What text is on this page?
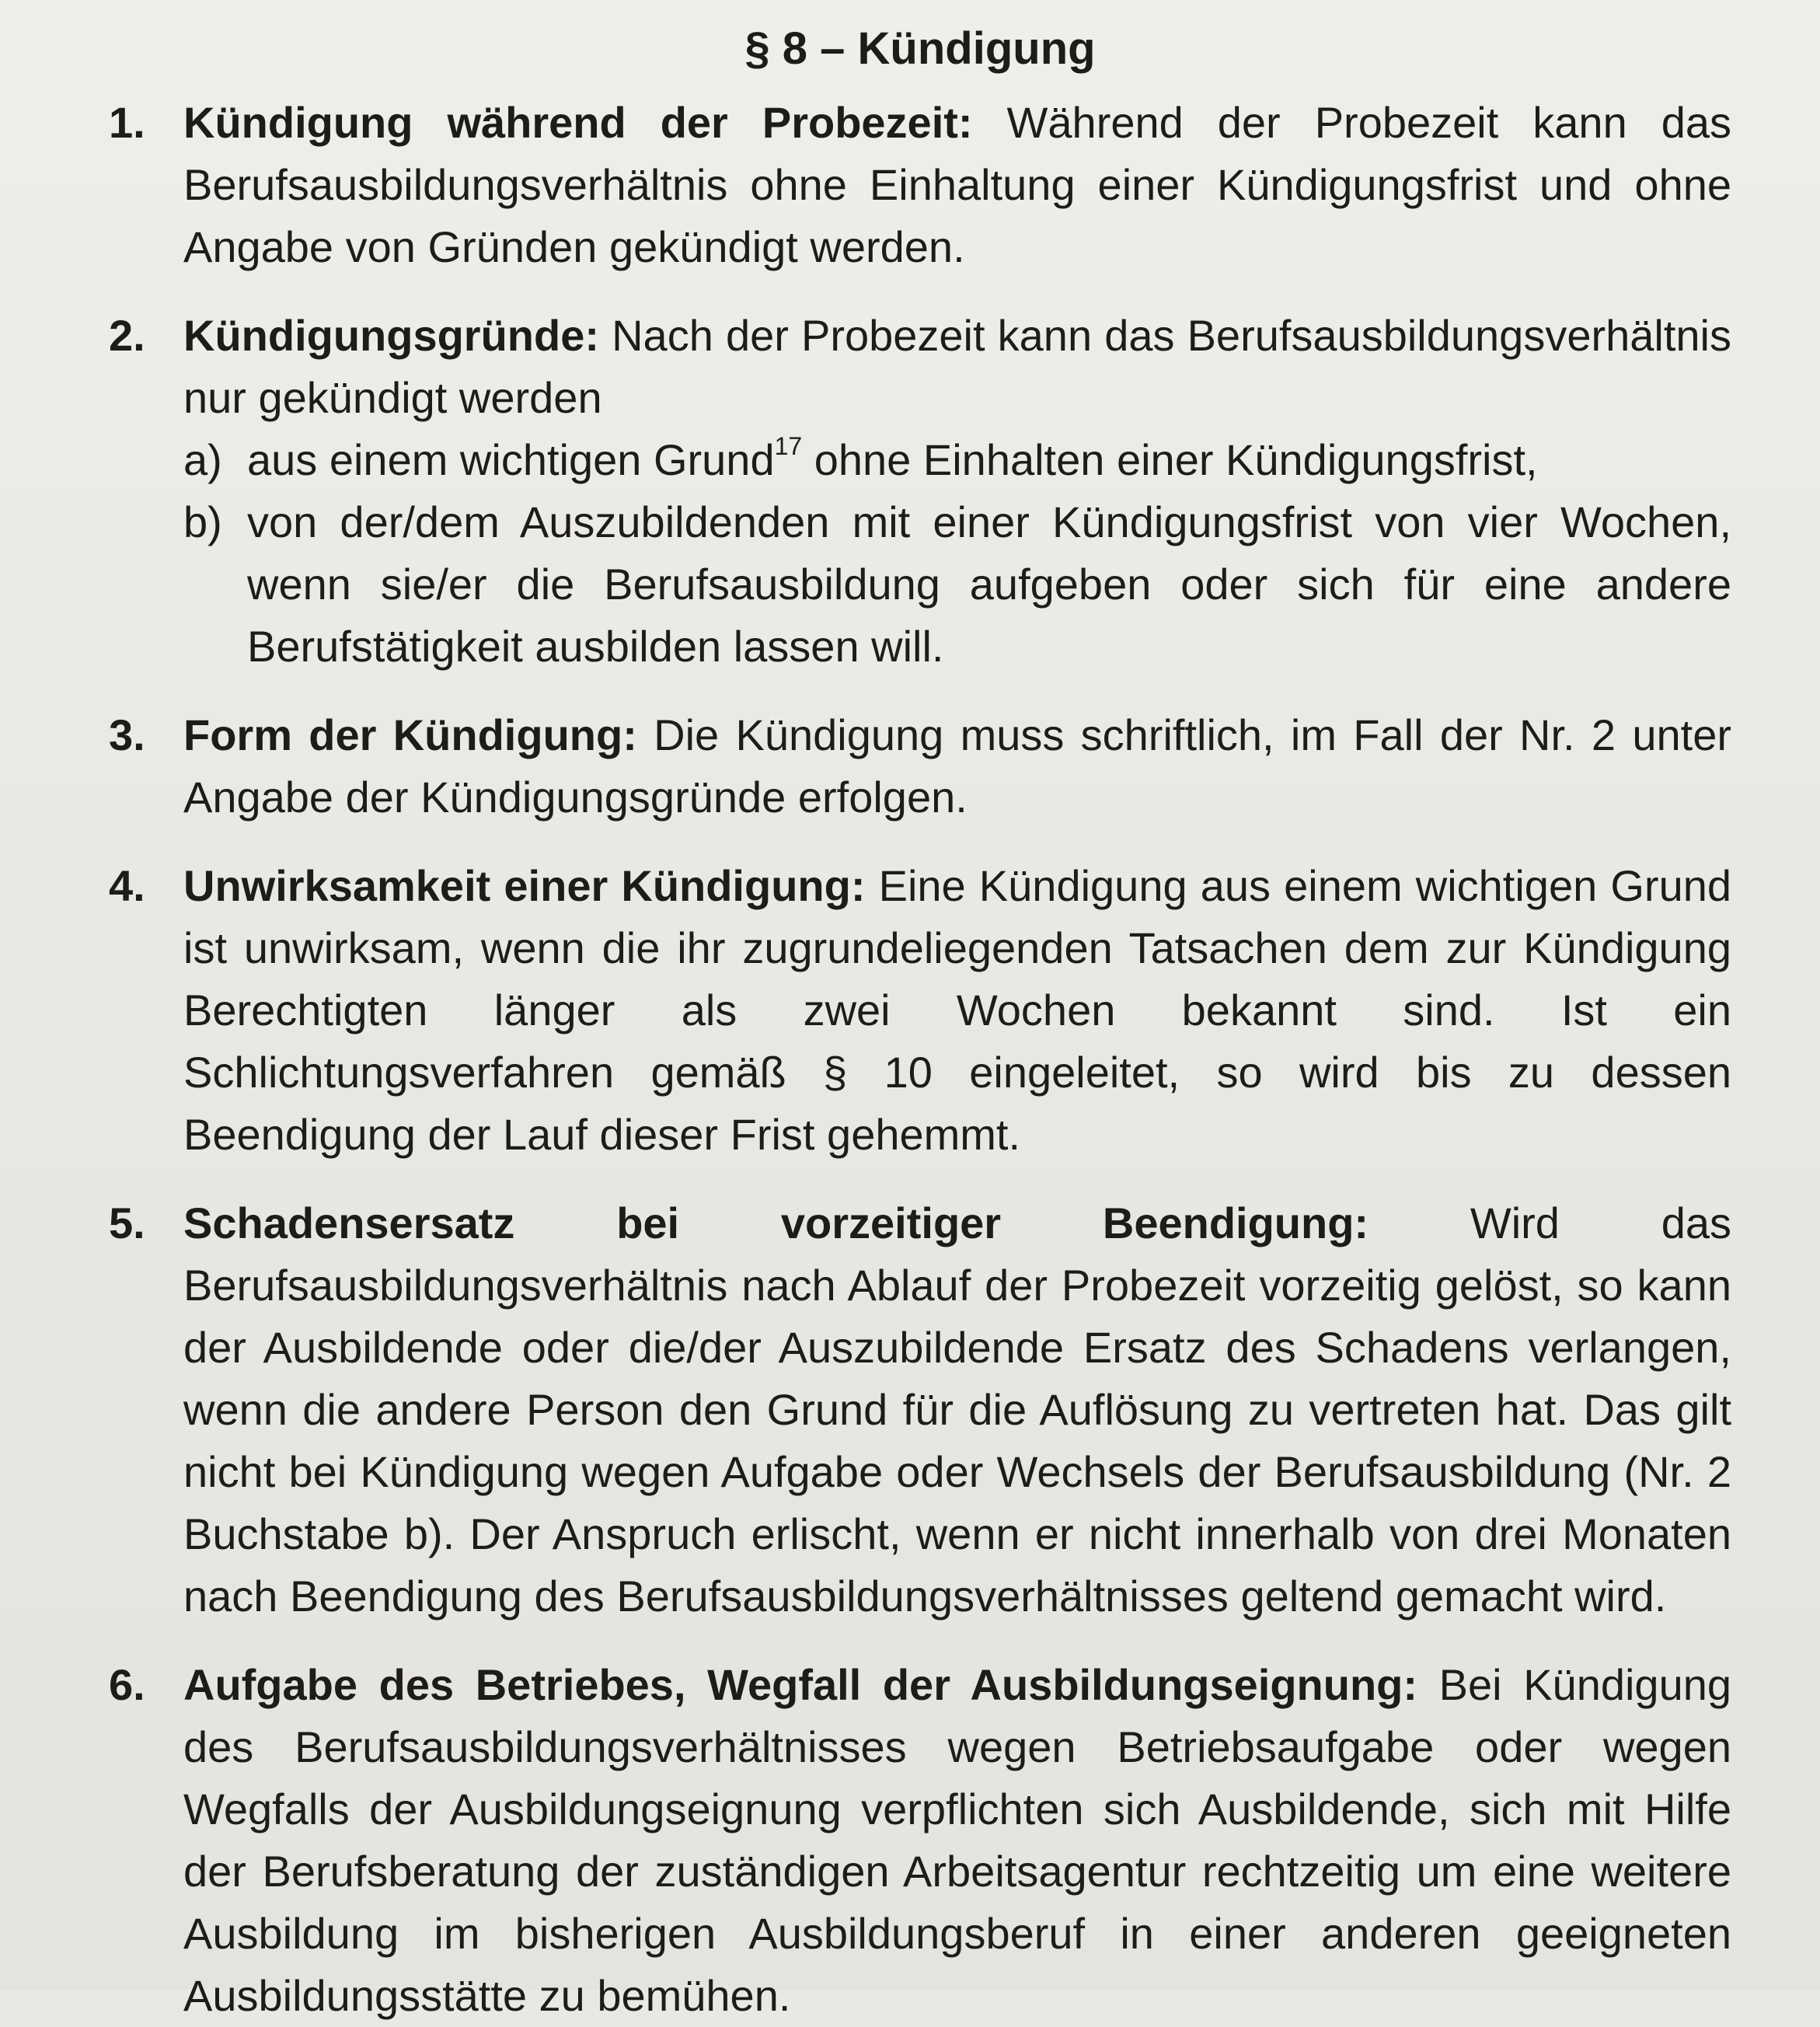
§ 8 – Kündigung
1. Kündigung während der Probezeit: Während der Probezeit kann das Berufsausbildungsverhältnis ohne Einhaltung einer Kündigungsfrist und ohne Angabe von Gründen gekündigt werden.
2. Kündigungsgründe: Nach der Probezeit kann das Berufsausbildungsverhältnis nur gekündigt werden
a) aus einem wichtigen Grund$^{17}$ ohne Einhalten einer Kündigungsfrist,
b) von der/dem Auszubildenden mit einer Kündigungsfrist von vier Wochen, wenn sie/er die Berufsausbildung aufgeben oder sich für eine andere Berufstätigkeit ausbilden lassen will.
3. Form der Kündigung: Die Kündigung muss schriftlich, im Fall der Nr. 2 unter Angabe der Kündigungsgründe erfolgen.
4. Unwirksamkeit einer Kündigung: Eine Kündigung aus einem wichtigen Grund ist unwirksam, wenn die ihr zugrundeliegenden Tatsachen dem zur Kündigung Berechtigten länger als zwei Wochen bekannt sind. Ist ein Schlichtungsverfahren gemäß § 10 eingeleitet, so wird bis zu dessen Beendigung der Lauf dieser Frist gehemmt.
5. Schadensersatz bei vorzeitiger Beendigung: Wird das Berufsausbildungsverhältnis nach Ablauf der Probezeit vorzeitig gelöst, so kann der Ausbildende oder die/der Auszubildende Ersatz des Schadens verlangen, wenn die andere Person den Grund für die Auflösung zu vertreten hat. Das gilt nicht bei Kündigung wegen Aufgabe oder Wechsels der Berufsausbildung (Nr. 2 Buchstabe b). Der Anspruch erlischt, wenn er nicht innerhalb von drei Monaten nach Beendigung des Berufsausbildungsverhältnisses geltend gemacht wird.
6. Aufgabe des Betriebes, Wegfall der Ausbildungseignung: Bei Kündigung des Berufsausbildungsverhältnisses wegen Betriebsaufgabe oder wegen Wegfalls der Ausbildungseignung verpflichten sich Ausbildende, sich mit Hilfe der Berufsberatung der zuständigen Arbeitsagentur rechtzeitig um eine weitere Ausbildung im bisherigen Ausbildungsberuf in einer anderen geeigneten Ausbildungsstätte zu bemühen.
